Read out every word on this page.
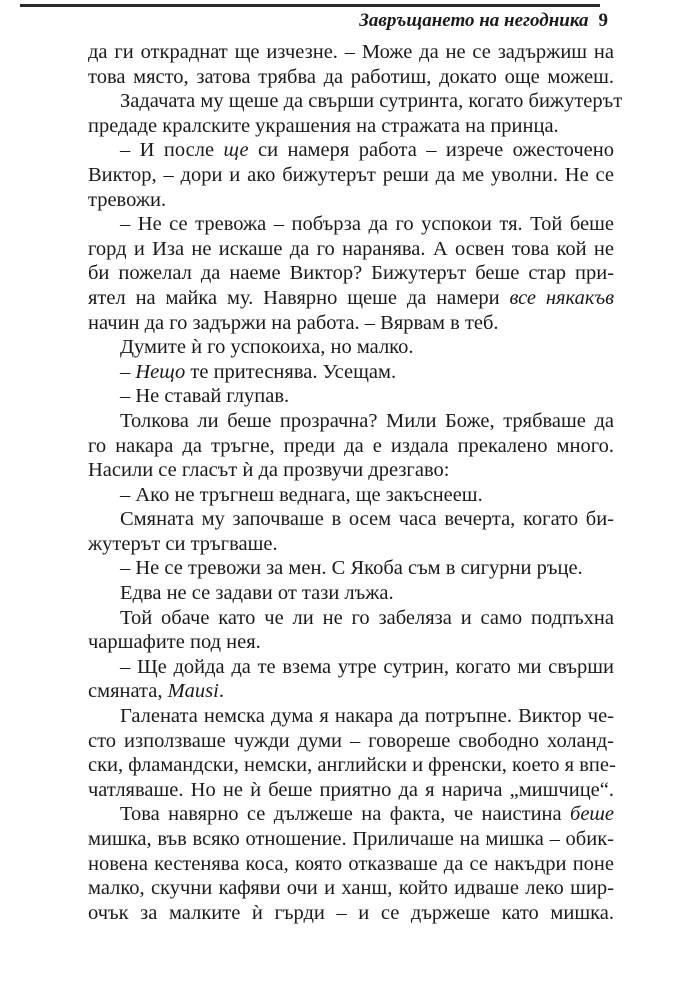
Завръщането на негодника 9
да ги откраднат ще изчезне. – Може да не се задържиш на
това място, затова трябва да работиш, докато още можеш.
Задачата му щеше да свърши сутринта, когато бижутерът
предаде кралските украшения на стражата на принца.
– И после ще си намеря работа – изрече ожесточено
Виктор, – дори и ако бижутерът реши да ме уволни. Не се
тревожи.
– Не се тревожа – побърза да го успокои тя. Той беше
горд и Иза не искаше да го наранява. А освен това кой не
би пожелал да наеме Виктор? Бижутерът беше стар при-
ятел на майка му. Навярно щеше да намери все някакъв
начин да го задържи на работа. – Вярвам в теб.
Думите ѝ го успокоиха, но малко.
– Нещо те притеснява. Усещам.
– Не ставай глупав.
Толкова ли беше прозрачна? Мили Боже, трябваше да
го накара да тръгне, преди да е издала прекалено много.
Насили се гласът ѝ да прозвучи дрезгаво:
– Ако не тръгнеш веднага, ще закъснееш.
Смяната му започваше в осем часа вечерта, когато би-
жутерът си тръгваше.
– Не се тревожи за мен. С Якоба съм в сигурни ръце.
Едва не се задави от тази лъжа.
Той обаче като че ли не го забеляза и само подпъхна
чаршафите под нея.
– Ще дойда да те взема утре сутрин, когато ми свърши
смяната, Mausi.
Галената немска дума я накара да потръпне. Виктор че-
сто използваше чужди думи – говореше свободно холанд-
ски, фламандски, немски, английски и френски, което я впе-
чатляваше. Но не ѝ беше приятно да я нарича „мишчице“.
Това навярно се дължеше на факта, че наистина беше
мишка, във всяко отношение. Приличаше на мишка – обик-
новена кестенява коса, която отказваше да се накъдри поне
малко, скучни кафяви очи и ханш, който идваше леко шир-
очък за малките ѝ гърди – и се държеше като мишка.
